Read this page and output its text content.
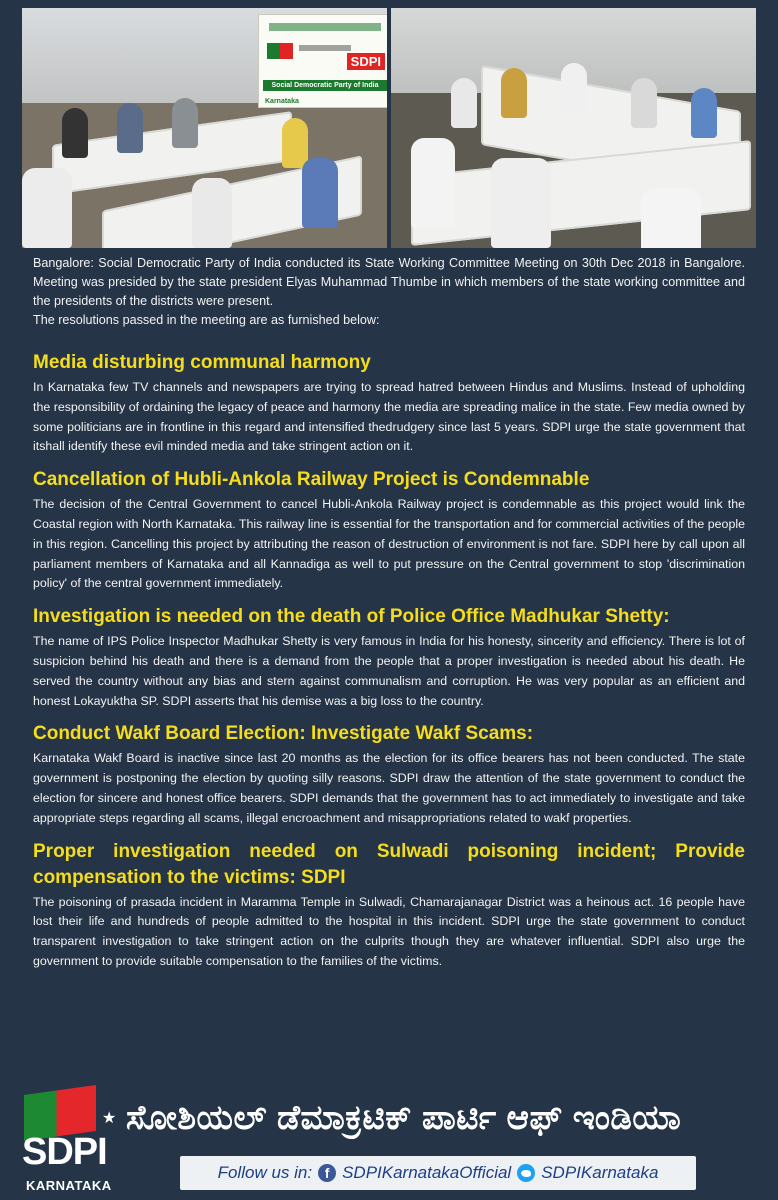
SDPI
Social Democratic Party of India
Karnataka

Bangalore: Social Democratic Party of India conducted its State Working Committee Meeting on 30th Dec 2018 in Bangalore. Meeting was presided by the state president Elyas Muhammad Thumbe in which members of the state working committee and the presidents of the districts were present.

The resolutions passed in the meeting are as furnished below:

Media disturbing communal harmony

In Karnataka few TV channels and newspapers are trying to spread hatred between Hindus and Muslims. Instead of upholding the responsibility of ordaining the legacy of peace and harmony the media are spreading malice in the state. Few media owned by some politicians are in frontline in this regard and intensified thedrudgery since last 5 years. SDPI urge the state government that itshall identify these evil minded media and take stringent action on it.

Cancellation of Hubli-Ankola Railway Project is Condemnable

The decision of the Central Government to cancel Hubli-Ankola Railway project is condemnable as this project would link the Coastal region with North Karnataka. This railway line is essential for the transportation and for commercial activities of the people in this region. Cancelling this project by attributing the reason of destruction of environment is not fare. SDPI here by call upon all parliament members of Karnataka and all Kannadiga as well to put pressure on the Central government to stop 'discrimination policy' of the central government immediately.

Investigation is needed on the death of Police Office Madhukar Shetty:

The name of IPS Police Inspector Madhukar Shetty is very famous in India for his honesty, sincerity and efficiency. There is lot of suspicion behind his death and there is a demand from the people that a proper investigation is needed about his death. He served the country without any bias and stern against communalism and corruption. He was very popular as an efficient and honest Lokayuktha SP. SDPI asserts that his demise was a big loss to the country.

Conduct Wakf Board Election: Investigate Wakf Scams:

Karnataka Wakf Board is inactive since last 20 months as the election for its office bearers has not been conducted. The state government is postponing the election by quoting silly reasons. SDPI draw the attention of the state government to conduct the election for sincere and honest office bearers. SDPI demands that the government has to act immediately to investigate and take appropriate steps regarding all scams, illegal encroachment and misappropriations related to wakf properties.

Proper investigation needed on Sulwadi poisoning incident; Provide compensation to the victims: SDPI

The poisoning of prasada incident in Maramma Temple in Sulwadi, Chamarajanagar District was a heinous act. 16 people have lost their life and hundreds of people admitted to the hospital in this incident. SDPI urge the state government to conduct transparent investigation to take stringent action on the culprits though they are whatever influential. SDPI also urge the government to provide suitable compensation to the families of the victims.

★
SDPI
KARNATAKA
ಸೋಶಿಯಲ್ ಡೆಮಾಕ್ರಟಿಕ್ ಪಾರ್ಟಿ ಆಫ್ ಇಂಡಿಯಾ
Follow us in: f SDPIKarnatakaOfficial SDPIKarnataka
